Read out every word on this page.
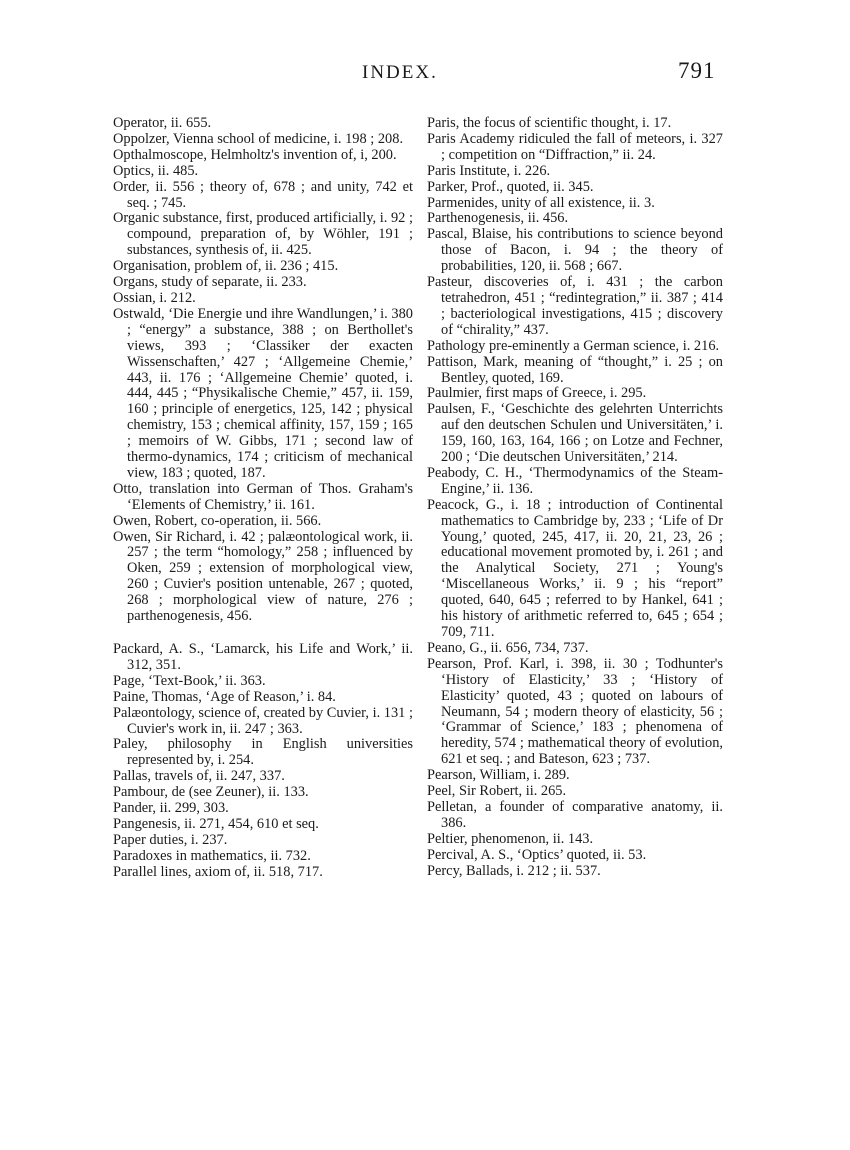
INDEX.	791

Operator, ii. 655.

Oppolzer, Vienna school of medicine, i. 198 ; 208.

Opthalmoscope, Helmholtz's invention of, i, 200.

Optics, ii. 485.

Order, ii. 556 ; theory of, 678 ; and unity, 742 et seq. ; 745.

Organic substance, first, produced artificially, i. 92 ; compound, preparation of, by Wöhler, 191 ; substances, synthesis of, ii. 425.

Organisation, problem of, ii. 236 ; 415.

Organs, study of separate, ii. 233.

Ossian, i. 212.

Ostwald, ‘Die Energie und ihre Wandlungen,’ i. 380 ; “energy” a substance, 388 ; on Berthollet's views, 393 ; ‘Classiker der exacten Wissenschaften,’ 427 ; ‘Allgemeine Chemie,’ 443, ii. 176 ; ‘Allgemeine Chemie’ quoted, i. 444, 445 ; “Physikalische Chemie,” 457, ii. 159, 160 ; principle of energetics, 125, 142 ; physical chemistry, 153 ; chemical affinity, 157, 159 ; 165 ; memoirs of W. Gibbs, 171 ; second law of thermo-dynamics, 174 ; criticism of mechanical view, 183 ; quoted, 187.

Otto, translation into German of Thos. Graham's ‘Elements of Chemistry,’ ii. 161.

Owen, Robert, co-operation, ii. 566.

Owen, Sir Richard, i. 42 ; palæontological work, ii. 257 ; the term “homology,” 258 ; influenced by Oken, 259 ; extension of morphological view, 260 ; Cuvier's position untenable, 267 ; quoted, 268 ; morphological view of nature, 276 ; parthenogenesis, 456.

Packard, A. S., ‘Lamarck, his Life and Work,’ ii. 312, 351.

Page, ‘Text-Book,’ ii. 363.

Paine, Thomas, ‘Age of Reason,’ i. 84.

Palæontology, science of, created by Cuvier, i. 131 ; Cuvier's work in, ii. 247 ; 363.

Paley, philosophy in English universities represented by, i. 254.

Pallas, travels of, ii. 247, 337.

Pambour, de (see Zeuner), ii. 133.

Pander, ii. 299, 303.

Pangenesis, ii. 271, 454, 610 et seq.

Paper duties, i. 237.

Paradoxes in mathematics, ii. 732.

Parallel lines, axiom of, ii. 518, 717.

Paris, the focus of scientific thought, i. 17.

Paris Academy ridiculed the fall of meteors, i. 327 ; competition on “Diffraction,” ii. 24.

Paris Institute, i. 226.

Parker, Prof., quoted, ii. 345.

Parmenides, unity of all existence, ii. 3.

Parthenogenesis, ii. 456.

Pascal, Blaise, his contributions to science beyond those of Bacon, i. 94 ; the theory of probabilities, 120, ii. 568 ; 667.

Pasteur, discoveries of, i. 431 ; the carbon tetrahedron, 451 ; “redintegration,” ii. 387 ; 414 ; bacteriological investigations, 415 ; discovery of “chirality,” 437.

Pathology pre-eminently a German science, i. 216.

Pattison, Mark, meaning of “thought,” i. 25 ; on Bentley, quoted, 169.

Paulmier, first maps of Greece, i. 295.

Paulsen, F., ‘Geschichte des gelehrten Unterrichts auf den deutschen Schulen und Universitäten,’ i. 159, 160, 163, 164, 166 ; on Lotze and Fechner, 200 ; ‘Die deutschen Universitäten,’ 214.

Peabody, C. H., ‘Thermodynamics of the Steam-Engine,’ ii. 136.

Peacock, G., i. 18 ; introduction of Continental mathematics to Cambridge by, 233 ; ‘Life of Dr Young,’ quoted, 245, 417, ii. 20, 21, 23, 26 ; educational movement promoted by, i. 261 ; and the Analytical Society, 271 ; Young's ‘Miscellaneous Works,’ ii. 9 ; his “report” quoted, 640, 645 ; referred to by Hankel, 641 ; his history of arithmetic referred to, 645 ; 654 ; 709, 711.

Peano, G., ii. 656, 734, 737.

Pearson, Prof. Karl, i. 398, ii. 30 ; Todhunter's ‘History of Elasticity,’ 33 ; ‘History of Elasticity’ quoted, 43 ; quoted on labours of Neumann, 54 ; modern theory of elasticity, 56 ; ‘Grammar of Science,’ 183 ; phenomena of heredity, 574 ; mathematical theory of evolution, 621 et seq. ; and Bateson, 623 ; 737.

Pearson, William, i. 289.

Peel, Sir Robert, ii. 265.

Pelletan, a founder of comparative anatomy, ii. 386.

Peltier, phenomenon, ii. 143.

Percival, A. S., ‘Optics’ quoted, ii. 53.

Percy, Ballads, i. 212 ; ii. 537.
